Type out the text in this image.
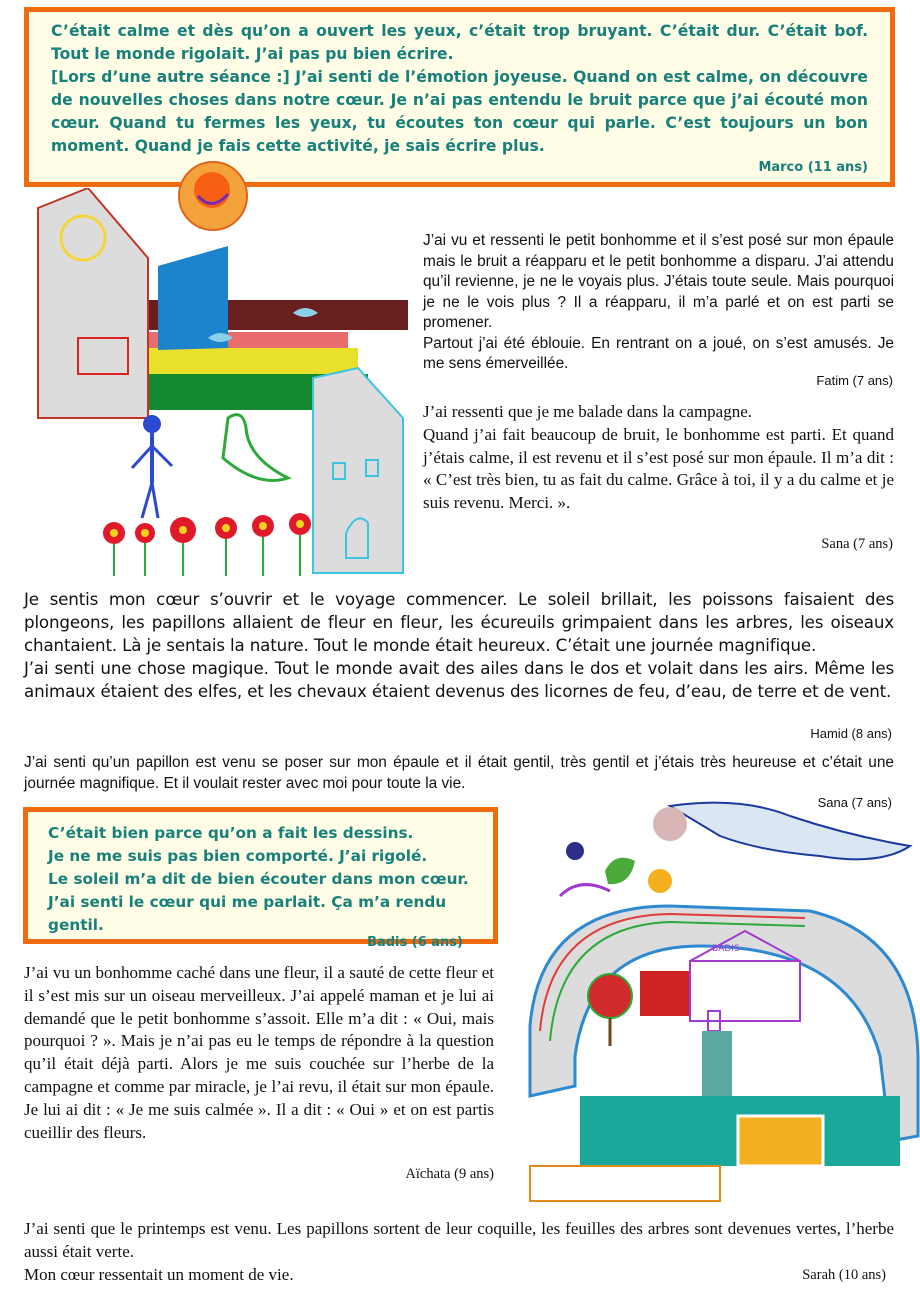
C’était calme et dès qu’on a ouvert les yeux, c’était trop bruyant. C’était dur. C’était bof. Tout le monde rigolait. J’ai pas pu bien écrire.

[Lors d’une autre séance :] J’ai senti de l’émotion joyeuse. Quand on est calme, on découvre de nouvelles choses dans notre cœur. Je n’ai pas entendu le bruit parce que j’ai écouté mon cœur. Quand tu fermes les yeux, tu écoutes ton cœur qui parle. C’est toujours un bon moment. Quand je fais cette activité, je sais écrire plus.

Marco (11 ans)

J’ai vu et ressenti le petit bonhomme et il s’est posé sur mon épaule mais le bruit a réapparu et le petit bonhomme a disparu. J’ai attendu qu’il revienne, je ne le voyais plus. J’étais toute seule. Mais pourquoi je ne le vois plus ? Il a réapparu, il m’a parlé et on est parti se promener.

Partout j’ai été éblouie. En rentrant on a joué, on s’est amusés. Je me sens émerveillée.

Fatim (7 ans)

J’ai ressenti que je me balade dans la campagne.

Quand j’ai fait beaucoup de bruit, le bonhomme est parti. Et quand j’étais calme, il est revenu et il s’est posé sur mon épaule. Il m’a dit : « C’est très bien, tu as fait du calme. Grâce à toi, il y a du calme et je suis revenu. Merci. ».

Sana (7 ans)

Je sentis mon cœur s’ouvrir et le voyage commencer. Le soleil brillait, les poissons faisaient des plongeons, les papillons allaient de fleur en fleur, les écureuils grimpaient dans les arbres, les oiseaux chantaient. Là je sentais la nature. Tout le monde était heureux. C’était une journée magnifique.

J’ai senti une chose magique. Tout le monde avait des ailes dans le dos et volait dans les airs. Même les animaux étaient des elfes, et les chevaux étaient devenus des licornes de feu, d’eau, de terre et de vent.

Hamid (8 ans)
J’ai senti qu’un papillon est venu se poser sur mon épaule et il était gentil, très gentil et j’étais très heureuse et c’était une journée magnifique. Et il voulait rester avec moi pour toute la vie.
Sana (7 ans)

C’était bien parce qu’on a fait les dessins.

Je ne me suis pas bien comporté. J’ai rigolé.

Le soleil m’a dit de bien écouter dans mon cœur.

J’ai senti le cœur qui me parlait. Ça m’a rendu gentil.

Badis (6 ans)	BADIS
J’ai vu un bonhomme caché dans une fleur, il a sauté de cette fleur et il s’est mis sur un oiseau merveilleux. J’ai appelé maman et je lui ai demandé que le petit bonhomme s’assoit. Elle m’a dit : « Oui, mais pourquoi ? ». Mais je n’ai pas eu le temps de répondre à la question qu’il était déjà parti. Alors je me suis couchée sur l’herbe de la campagne et comme par miracle, je l’ai revu, il était sur mon épaule. Je lui ai dit : « Je me suis calmée ». Il a dit : « Oui » et on est partis cueillir des fleurs.
Aïchata (9 ans)

J’ai senti que le printemps est venu. Les papillons sortent de leur coquille, les feuilles des arbres sont devenues vertes, l’herbe aussi était verte.

Mon cœur ressentait un moment de vie.	Sarah (10 ans)
